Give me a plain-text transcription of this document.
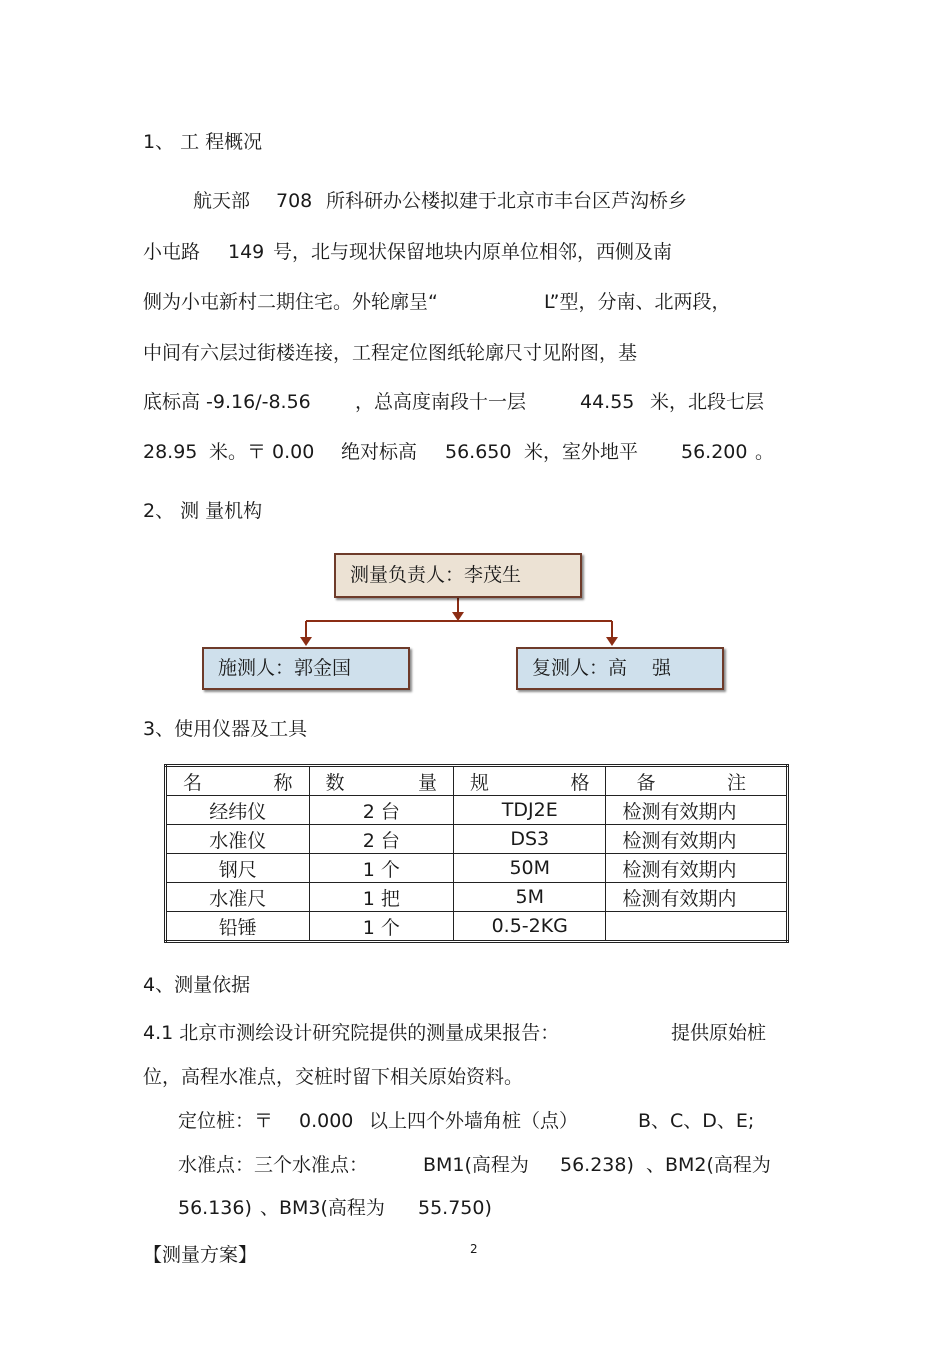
1、 工 程概况
航天部 708 所科研办公楼拟建于北京市丰台区芦沟桥乡
小屯路 149 号，北与现状保留地块内原单位相邻，西侧及南
侧为小屯新村二期住宅。外轮廓呈“	L”型，分南、北两段，
中间有六层过街楼连接，工程定位图纸轮廓尺寸见附图，基
底标高 -9.16/-8.56 ，总高度南段十一层	44.55 米，北段七层
28.95 米。〒 0.00 绝对标高 56.650 米，室外地平 56.200 。
2、 测 量机构
测量负责人：李茂生
施测人：郭金国	复测人：高　 强
3、使用仪器及工具
名 称	数 量	规 格	备 注

经纬仪	2 台	TDJ2E	检测有效期内
水准仪	2 台	DS3	检测有效期内
钢尺	1 个	50M	检测有效期内
水准尺	1 把	5M	检测有效期内
铅锤	1 个	0.5-2KG	
4、测量依据
4.1 北京市测绘设计研究院提供的测量成果报告：	提供原始桩
位，高程水准点，交桩时留下相关原始资料。
定位桩：〒 0.000 以上四个外墙角桩（点）	B、C、D、E;
水准点：三个水准点：	BM1(高程为 56.238) 、BM2(高程为
56.136) 、BM3(高程为 55.750)
【测量方案】	2
